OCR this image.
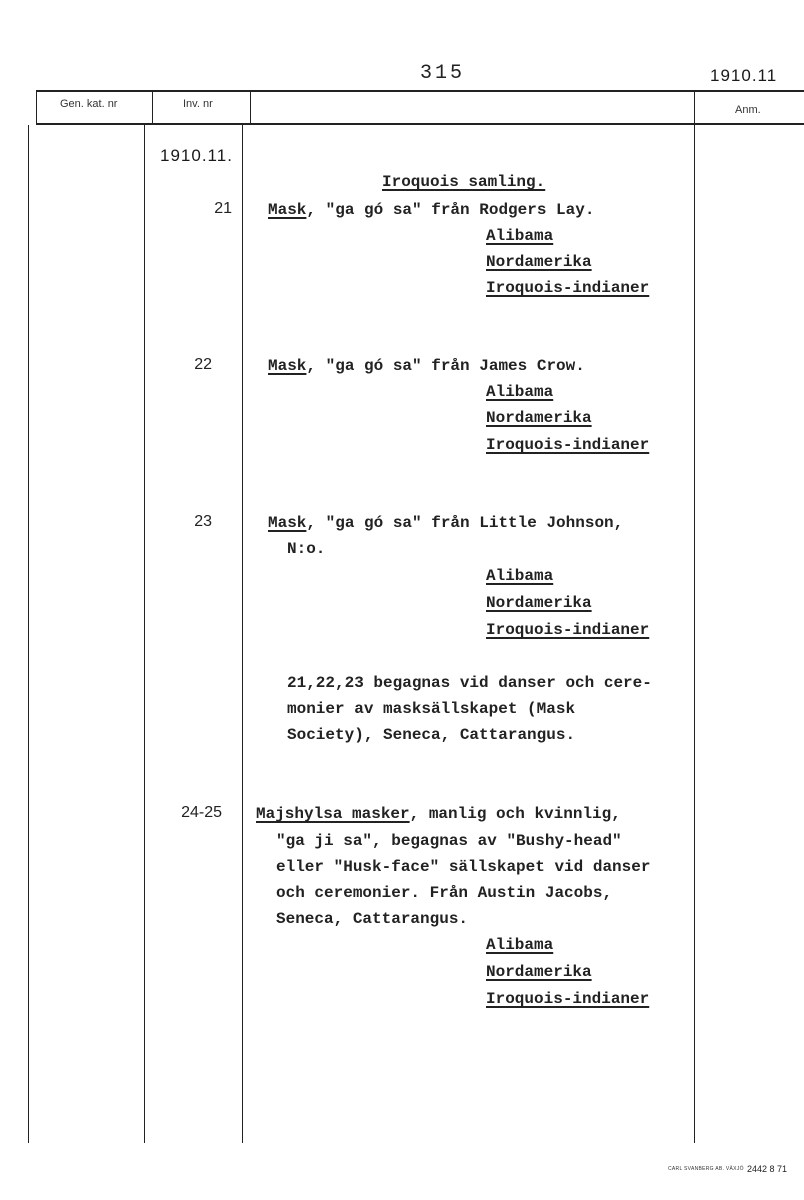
315	1910.11
Gen. kat. nr	Inv. nr	Anm.
1910.11.
Iroquois samling.
21 Mask, "ga gó sa" från Rodgers Lay.
Alibama
Nordamerika
Iroquois-indianer
22	Mask, "ga gó sa" från James Crow.
Alibama
Nordamerika
Iroquois-indianer
23	Mask, "ga gó sa" från Little Johnson,
N:o.
Alibama
Nordamerika
Iroquois-indianer
21,22,23 begagnas vid danser och cere-
monier av masksällskapet (Mask
Society), Seneca, Cattarangus.
24-25 Majshylsa masker, manlig och kvinnlig,
"ga ji sa", begagnas av "Bushy-head"
eller "Husk-face" sällskapet vid danser
och ceremonier. Från Austin Jacobs,
Seneca, Cattarangus.
Alibama
Nordamerika
Iroquois-indianer
CARL SVANBERG AB. VÄXJÖ 2442 8 71
